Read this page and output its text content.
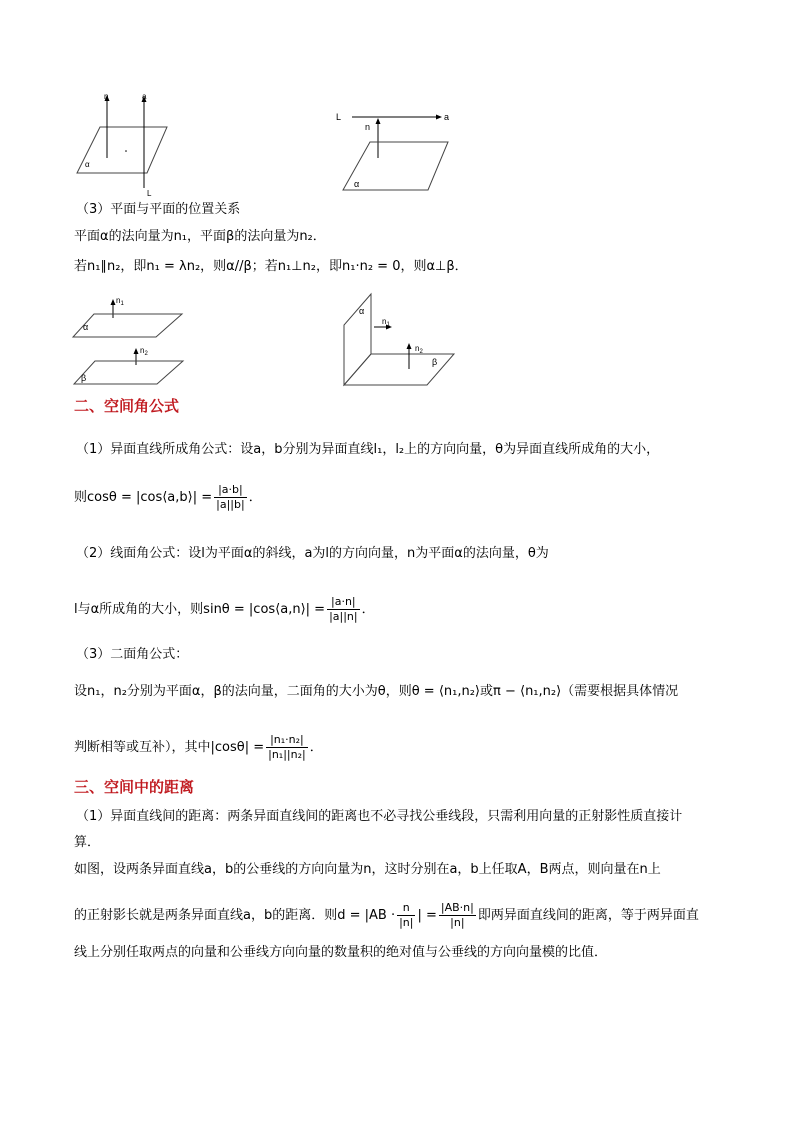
n	a
α
L
L	a
n
α
（3）平面与平面的位置关系
平面α的法向量为n₁，平面β的法向量为n₂．
若n₁∥n₂，即n₁ = λn₂，则α//β；若n₁⊥n₂，即n₁·n₂ = 0，则α⊥β．
$n_1$
α
$n_2$
β
α
$n_1$
$n_2$
β
二、空间角公式
（1）异面直线所成角公式：设a，b分别为异面直线l₁，l₂上的方向向量，θ为异面直线所成角的大小，
则cosθ = |cos⟨a,b⟩| = $\frac{|a\cdot b|}{|a||b|}$ ．
（2）线面角公式：设l为平面α的斜线，a为l的方向向量，n为平面α的法向量，θ为
l与α所成角的大小，则sinθ = |cos⟨a,n⟩| = $\frac{|a\cdot n|}{|a||n|}$ ．
（3）二面角公式：
设n₁，n₂分别为平面α，β的法向量，二面角的大小为θ，则θ = ⟨n₁,n₂⟩或π − ⟨n₁,n₂⟩（需要根据具体情况
判断相等或互补），其中$|\cos\theta| = \frac{\text{|n₁·n₂|}}{\text{|n₁||n₂|}}$ ．
三、空间中的距离
（1）异面直线间的距离：两条异面直线间的距离也不必寻找公垂线段，只需利用向量的正射影性质直接计
算．
如图，设两条异面直线a，b的公垂线的方向向量为n，这时分别在a，b上任取A，B两点，则向量在n上
的正射影长就是两条异面直线a，b的距离．则$d = |AB \cdot \frac{n}{|n|}$ | = $\frac{|AB\cdot n|}{|n|}$ 即两异面直线间的距离，等于两异面直
线上分别任取两点的向量和公垂线方向向量的数量积的绝对值与公垂线的方向向量模的比值．
